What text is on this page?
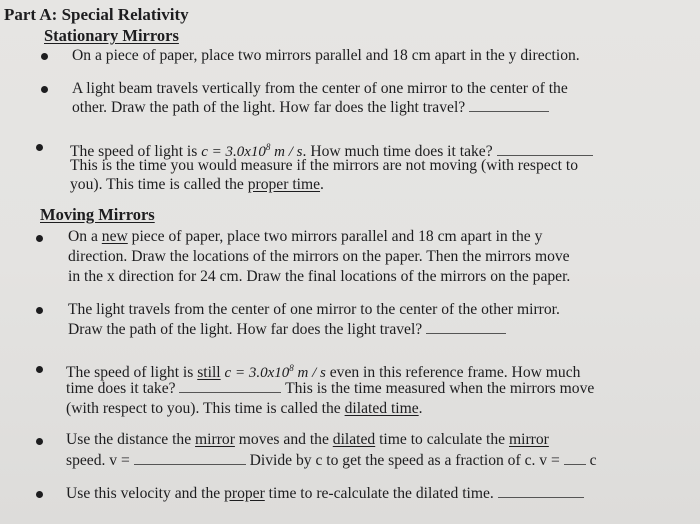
Part A: Special Relativity
Stationary Mirrors
On a piece of paper, place two mirrors parallel and 18 cm apart in the y direction.
A light beam travels vertically from the center of one mirror to the center of the
other. Draw the path of the light. How far does the light travel?
The speed of light is $c = 3.0x10^8$ m / s. How much time does it take?
This is the time you would measure if the mirrors are not moving (with respect to
you). This time is called the proper time.
Moving Mirrors
On a new piece of paper, place two mirrors parallel and 18 cm apart in the y
direction. Draw the locations of the mirrors on the paper. Then the mirrors move
in the x direction for 24 cm. Draw the final locations of the mirrors on the paper.
The light travels from the center of one mirror to the center of the other mirror.
Draw the path of the light. How far does the light travel?
The speed of light is still $c = 3.0x10^8$ m / s even in this reference frame. How much
time does it take?	This is the time measured when the mirrors move
(with respect to you). This time is called the dilated time.
Use the distance the mirror moves and the dilated time to calculate the mirror
speed. v =	Divide by c to get the speed as a fraction of c. v = c
Use this velocity and the proper time to re-calculate the dilated time.
